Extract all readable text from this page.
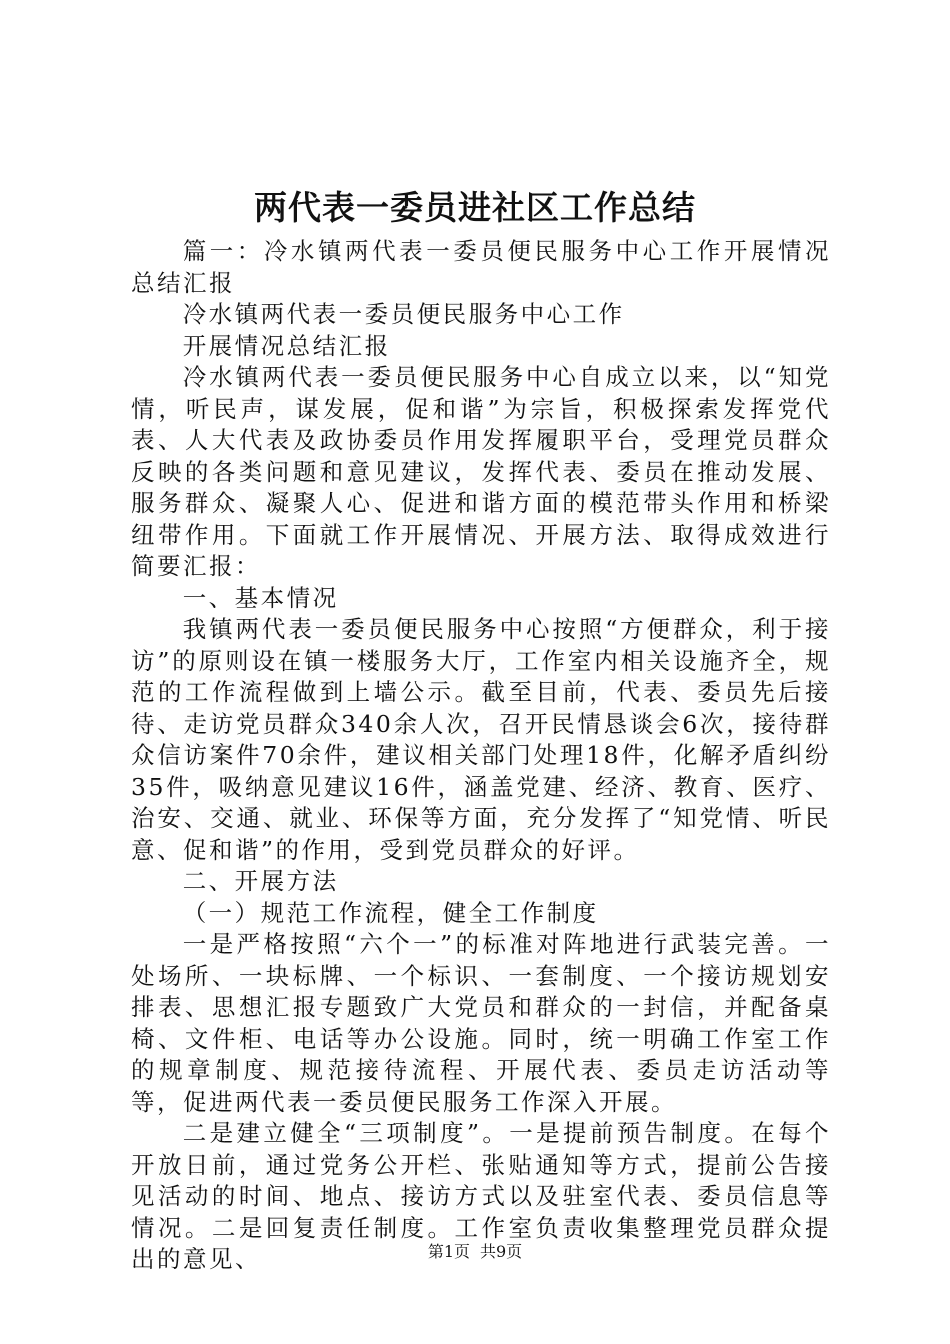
两代表一委员进社区工作总结

篇一：冷水镇两代表一委员便民服务中心工作开展情况总结汇报

冷水镇两代表一委员便民服务中心工作

开展情况总结汇报

冷水镇两代表一委员便民服务中心自成立以来，以“知党情，听民声，谋发展，促和谐”为宗旨，积极探索发挥党代表、人大代表及政协委员作用发挥履职平台，受理党员群众反映的各类问题和意见建议，发挥代表、委员在推动发展、服务群众、凝聚人心、促进和谐方面的模范带头作用和桥梁纽带作用。下面就工作开展情况、开展方法、取得成效进行简要汇报：

一、基本情况

我镇两代表一委员便民服务中心按照“方便群众，利于接访”的原则设在镇一楼服务大厅，工作室内相关设施齐全，规范的工作流程做到上墙公示。截至目前，代表、委员先后接待、走访党员群众340余人次，召开民情恳谈会6次，接待群众信访案件70余件，建议相关部门处理18件，化解矛盾纠纷35件，吸纳意见建议16件，涵盖党建、经济、教育、医疗、治安、交通、就业、环保等方面，充分发挥了“知党情、听民意、促和谐”的作用，受到党员群众的好评。

二、开展方法

（一）规范工作流程，健全工作制度

一是严格按照“六个一”的标准对阵地进行武装完善。一处场所、一块标牌、一个标识、一套制度、一个接访规划安排表、思想汇报专题致广大党员和群众的一封信，并配备桌椅、文件柜、电话等办公设施。同时，统一明确工作室工作的规章制度、规范接待流程、开展代表、委员走访活动等等，促进两代表一委员便民服务工作深入开展。

二是建立健全“三项制度”。一是提前预告制度。在每个开放日前，通过党务公开栏、张贴通知等方式，提前公告接见活动的时间、地点、接访方式以及驻室代表、委员信息等情况。二是回复责任制度。工作室负责收集整理党员群众提出的意见、	第1页 共9页
